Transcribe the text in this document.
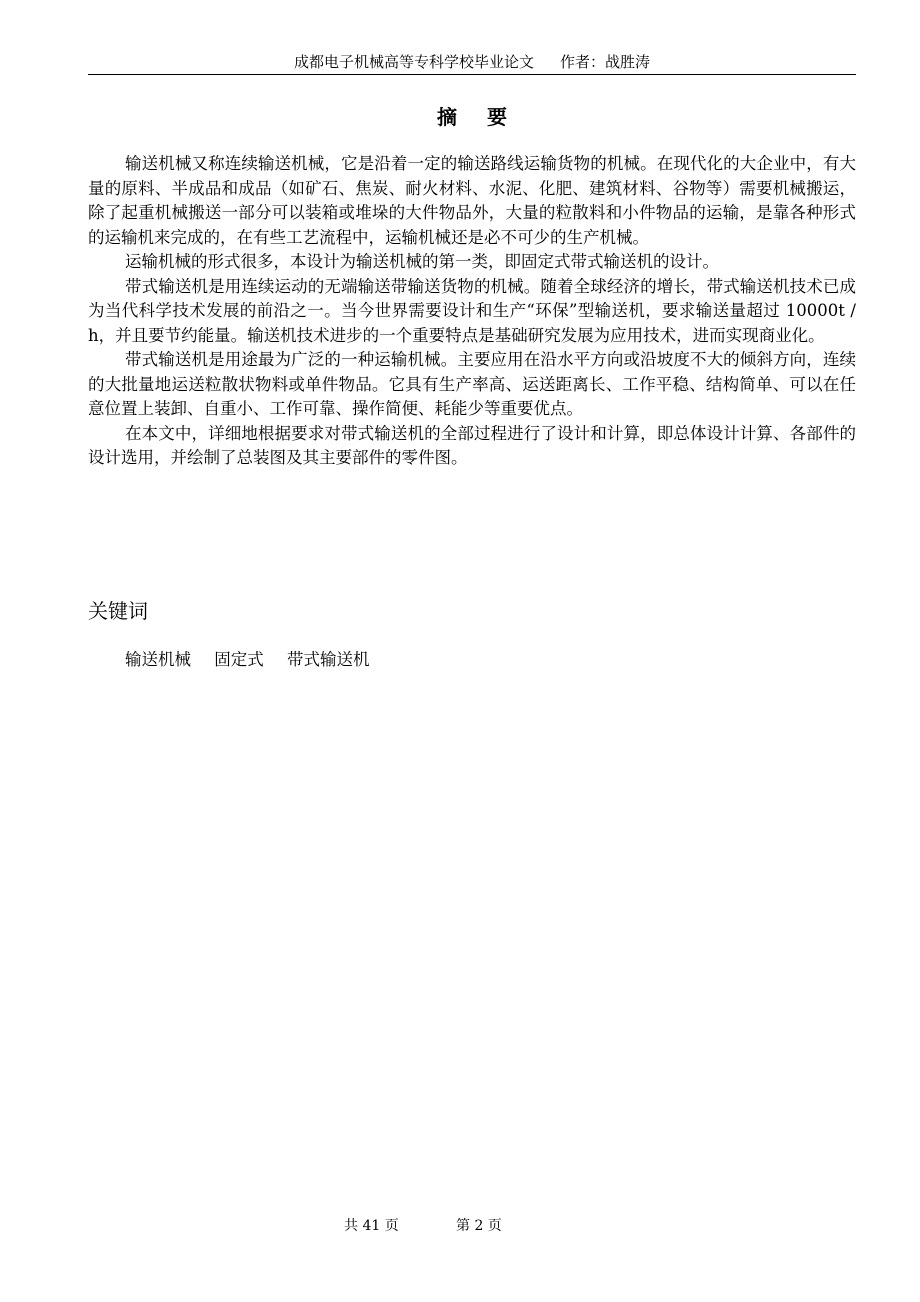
成都电子机械高等专科学校毕业论文 作者：战胜涛
摘要

输送机械又称连续输送机械，它是沿着一定的输送路线运输货物的机械。在现代化的大企业中，有大量的原料、半成品和成品（如矿石、焦炭、耐火材料、水泥、化肥、建筑材料、谷物等）需要机械搬运，除了起重机械搬送一部分可以装箱或堆垛的大件物品外，大量的粒散料和小件物品的运输，是靠各种形式的运输机来完成的，在有些工艺流程中，运输机械还是必不可少的生产机械。

运输机械的形式很多，本设计为输送机械的第一类，即固定式带式输送机的设计。

带式输送机是用连续运动的无端输送带输送货物的机械。随着全球经济的增长，带式输送机技术已成为当代科学技术发展的前沿之一。当今世界需要设计和生产“环保”型输送机，要求输送量超过 10000t / h，并且要节约能量。输送机技术进步的一个重要特点是基础研究发展为应用技术，进而实现商业化。

带式输送机是用途最为广泛的一种运输机械。主要应用在沿水平方向或沿坡度不大的倾斜方向，连续的大批量地运送粒散状物料或单件物品。它具有生产率高、运送距离长、工作平稳、结构简单、可以在任意位置上装卸、自重小、工作可靠、操作简便、耗能少等重要优点。

在本文中，详细地根据要求对带式输送机的全部过程进行了设计和计算，即总体设计计算、各部件的设计选用，并绘制了总装图及其主要部件的零件图。

关键词
输送机械 固定式 带式输送机
共 41 页	第 2 页
